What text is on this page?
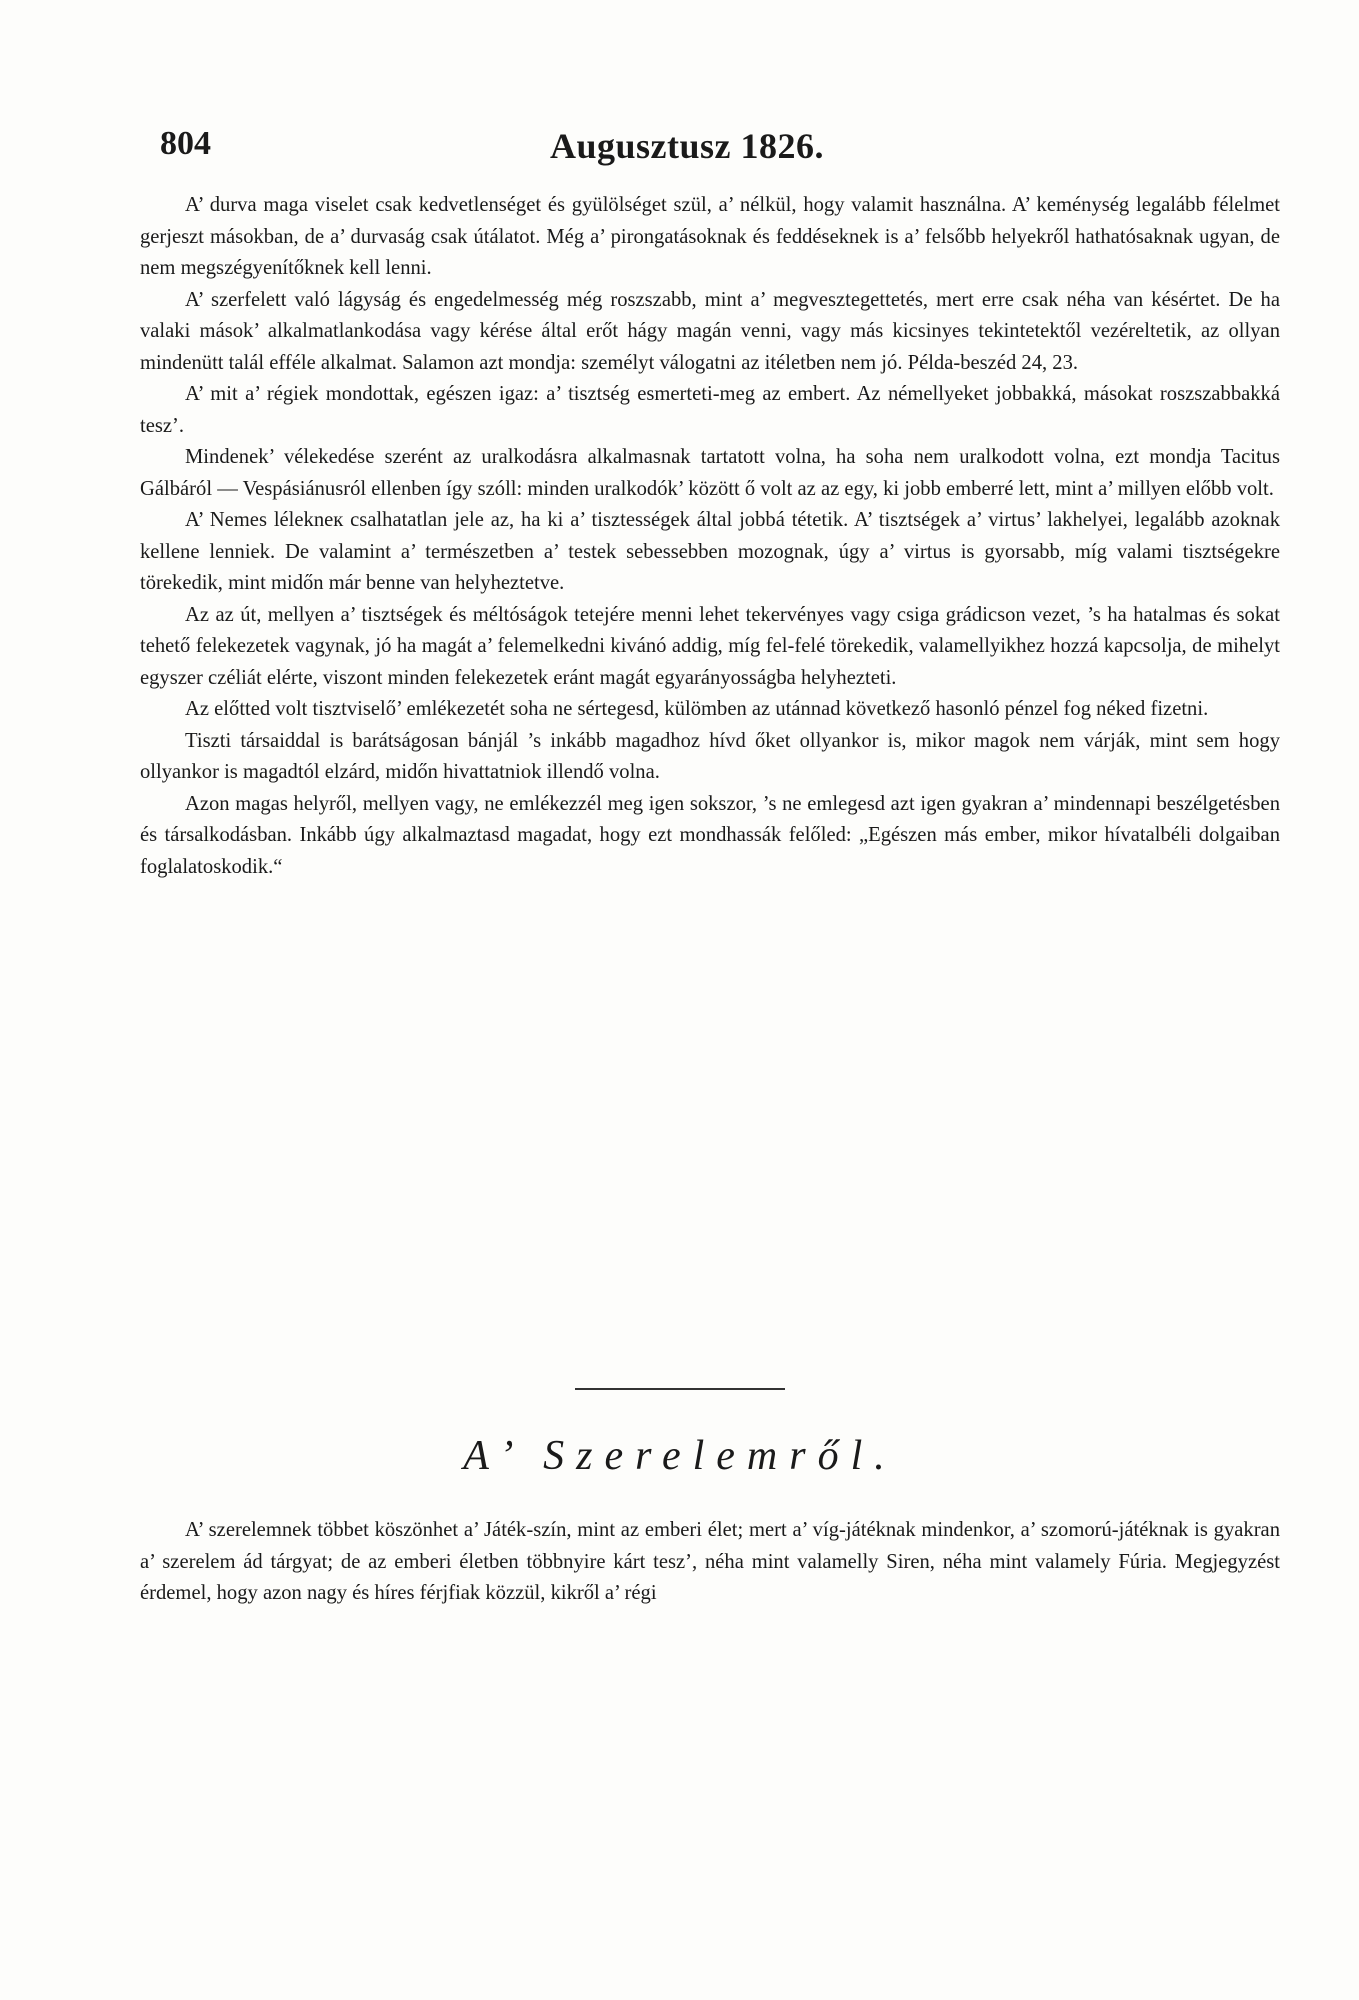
804	Augusztusz 1826.

A’ durva maga viselet csak kedvetlenséget és gyülölséget szül, a’ nélkül, hogy valamit használna. A’ keménység legalább félelmet gerjeszt másokban, de a’ durvaság csak útálatot. Még a’ pirongatásoknak és feddéseknek is a’ felsőbb helyekről hathatósaknak ugyan, de nem megszégyenítőknek kell lenni.

A’ szerfelett való lágyság és engedelmesség még roszszabb, mint a’ megvesztegettetés, mert erre csak néha van késértet. De ha valaki mások’ alkalmatlankodása vagy kérése által erőt hágy magán venni, vagy más kicsinyes tekintetektől vezéreltetik, az ollyan mindenütt talál efféle alkalmat. Salamon azt mondja: személyt válogatni az itéletben nem jó. Példa-beszéd 24, 23.

A’ mit a’ régiek mondottak, egészen igaz: a’ tisztség esmerteti-meg az embert. Az némellyeket jobbakká, másokat roszszabbakká tesz’.

Mindenek’ vélekedése szerént az uralkodásra alkalmasnak tartatott volna, ha soha nem uralkodott volna, ezt mondja Tacitus Gálbáról — Vespásiánusról ellenben így szóll: minden uralkodók’ között ő volt az az egy, ki jobb emberré lett, mint a’ millyen előbb volt.

A’ Nemes lélekneк csalhatatlan jele az, ha ki a’ tisztességek által jobbá tétetik. A’ tisztségek a’ virtus’ lakhelyei, legalább azoknak kellene lenniek. De valamint a’ természetben a’ testek sebessebben mozognak, úgy a’ virtus is gyorsabb, míg valami tisztségekre törekedik, mint midőn már benne van helyheztetve.

Az az út, mellyen a’ tisztségek és méltóságok tetejére menni lehet tekervényes vagy csiga grádicson vezet, ’s ha hatalmas és sokat tehető felekezetek vagynak, jó ha magát a’ felemelkedni kivánó addig, míg fel-felé törekedik, valamellyikhez hozzá kapcsolja, de mihelyt egyszer czéliát elérte, viszont minden felekezetek eránt magát egyarányosságba helyhezteti.

Az előtted volt tisztviselő’ emlékezetét soha ne sértegesd, külömben az utánnad következő hasonló pénzel fog néked fizetni.

Tiszti társaiddal is barátságosan bánjál ’s inkább magadhoz hívd őket ollyankor is, mikor magok nem várják, mint sem hogy ollyankor is magadtól elzárd, midőn hivattatniok illendő volna.

Azon magas helyről, mellyen vagy, ne emlékezzél meg igen sokszor, ’s ne emlegesd azt igen gyakran a’ mindennapi beszélgetésben és társalkodásban. Inkább úgy alkalmaztasd magadat, hogy ezt mondhassák felőled: „Egészen más ember, mikor hívatalbéli dolgaiban foglalatoskodik.“

A’ Szerelemről.

A’ szerelemnek többet köszönhet a’ Játék-szín, mint az emberi élet; mert a’ víg-játéknak mindenkor, a’ szomorú-játéknak is gyakran a’ szerelem ád tárgyat; de az emberi életben többnyire kárt tesz’, néha mint valamelly Siren, néha mint valamely Fúria. Megjegyzést érdemel, hogy azon nagy és híres férjfiak közzül, kikről a’ régi
